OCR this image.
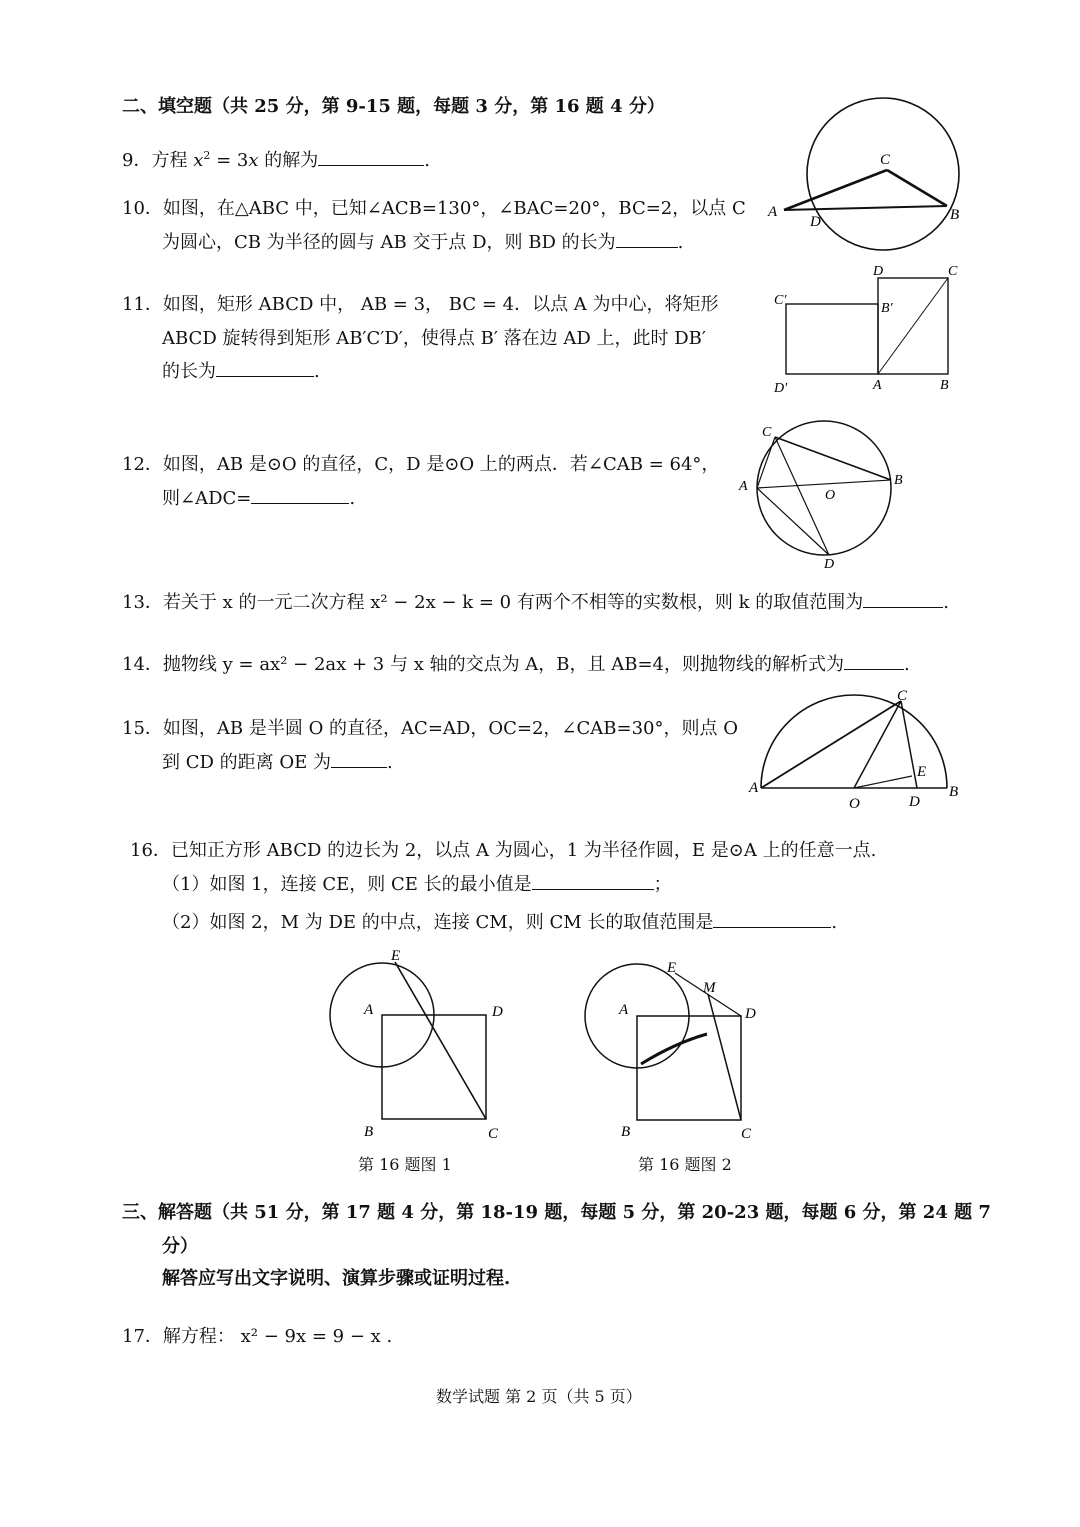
二、填空题（共 25 分，第 9-15 题，每题 3 分，第 16 题 4 分）
9．方程 $x^2 = 3x$ 的解为	.
10．如图，在△ABC 中，已知∠ACB=130°，∠BAC=20°，BC=2，以点 C
为圆心，CB 为半径的圆与 AB 交于点 D，则 BD 的长为	.
A	B
C
D
11．如图，矩形 ABCD 中， AB = 3， BC = 4．以点 A 为中心，将矩形
ABCD 旋转得到矩形 AB′C′D′，使得点 B′ 落在边 AD 上，此时 DB′
的长为	.
D	C
C′
B′
D′	A	B
12．如图，AB 是⊙O 的直径，C，D 是⊙O 上的两点．若∠CAB = 64°，
则∠ADC=	.
A	B
C
D
O
13．若关于 x 的一元二次方程 x² − 2x − k = 0 有两个不相等的实数根，则 k 的取值范围为	.
14．抛物线 y = ax² − 2ax + 3 与 x 轴的交点为 A，B，且 AB=4，则抛物线的解析式为	.
15．如图，AB 是半圆 O 的直径，AC=AD，OC=2，∠CAB=30°，则点 O
到 CD 的距离 OE 为	.
A	B
C
D
E
O
16．已知正方形 ABCD 的边长为 2，以点 A 为圆心，1 为半径作圆，E 是⊙A 上的任意一点.
（1）如图 1，连接 CE，则 CE 长的最小值是	；
（2）如图 2，M 为 DE 的中点，连接 CM，则 CM 长的取值范围是	.
E
A	D
B	C
第 16 题图 1
E
M
A	D
B	C
第 16 题图 2
三、解答题（共 51 分，第 17 题 4 分，第 18-19 题，每题 5 分，第 20-23 题，每题 6 分，第 24 题 7
分）
解答应写出文字说明、演算步骤或证明过程.
17．解方程： x² − 9x = 9 − x .
数学试题 第 2 页（共 5 页）
